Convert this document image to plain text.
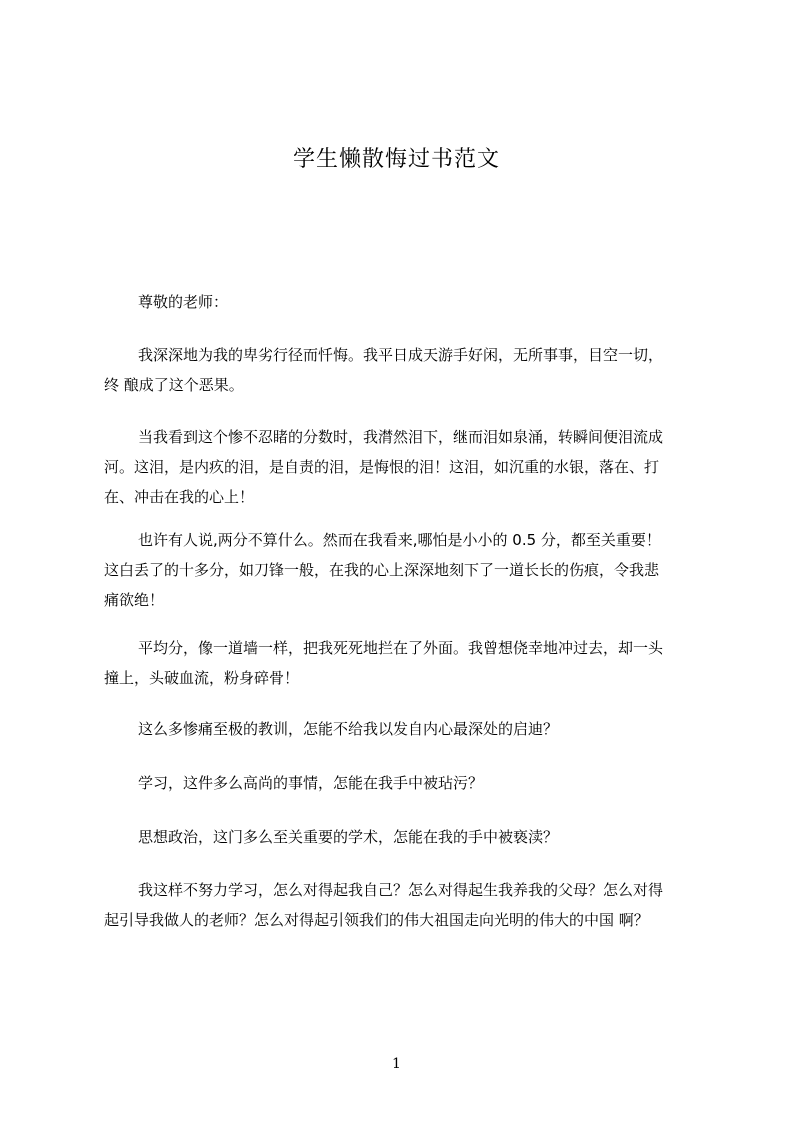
学生懒散悔过书范文
尊敬的老师：
我深深地为我的卑劣行径而忏悔。我平日成天游手好闲，无所事事，目空一切，
终 酿成了这个恶果。
当我看到这个惨不忍睹的分数时，我潸然泪下，继而泪如泉涌，转瞬间便泪流成
河。这泪，是内疚的泪，是自责的泪，是悔恨的泪！这泪，如沉重的水银，落在、打
在、冲击在我的心上！
也许有人说,两分不算什么。然而在我看来,哪怕是小小的 0.5 分，都至关重要！
这白丢了的十多分，如刀锋一般，在我的心上深深地刻下了一道长长的伤痕，令我悲
痛欲绝！
平均分，像一道墙一样，把我死死地拦在了外面。我曾想侥幸地冲过去，却一头
撞上，头破血流，粉身碎骨！
这么多惨痛至极的教训，怎能不给我以发自内心最深处的启迪？
学习，这件多么高尚的事情，怎能在我手中被玷污？
思想政治，这门多么至关重要的学术，怎能在我的手中被亵渎？
我这样不努力学习，怎么对得起我自己？怎么对得起生我养我的父母？怎么对得
起引导我做人的老师？怎么对得起引领我们的伟大祖国走向光明的伟大的中国 啊？
1
